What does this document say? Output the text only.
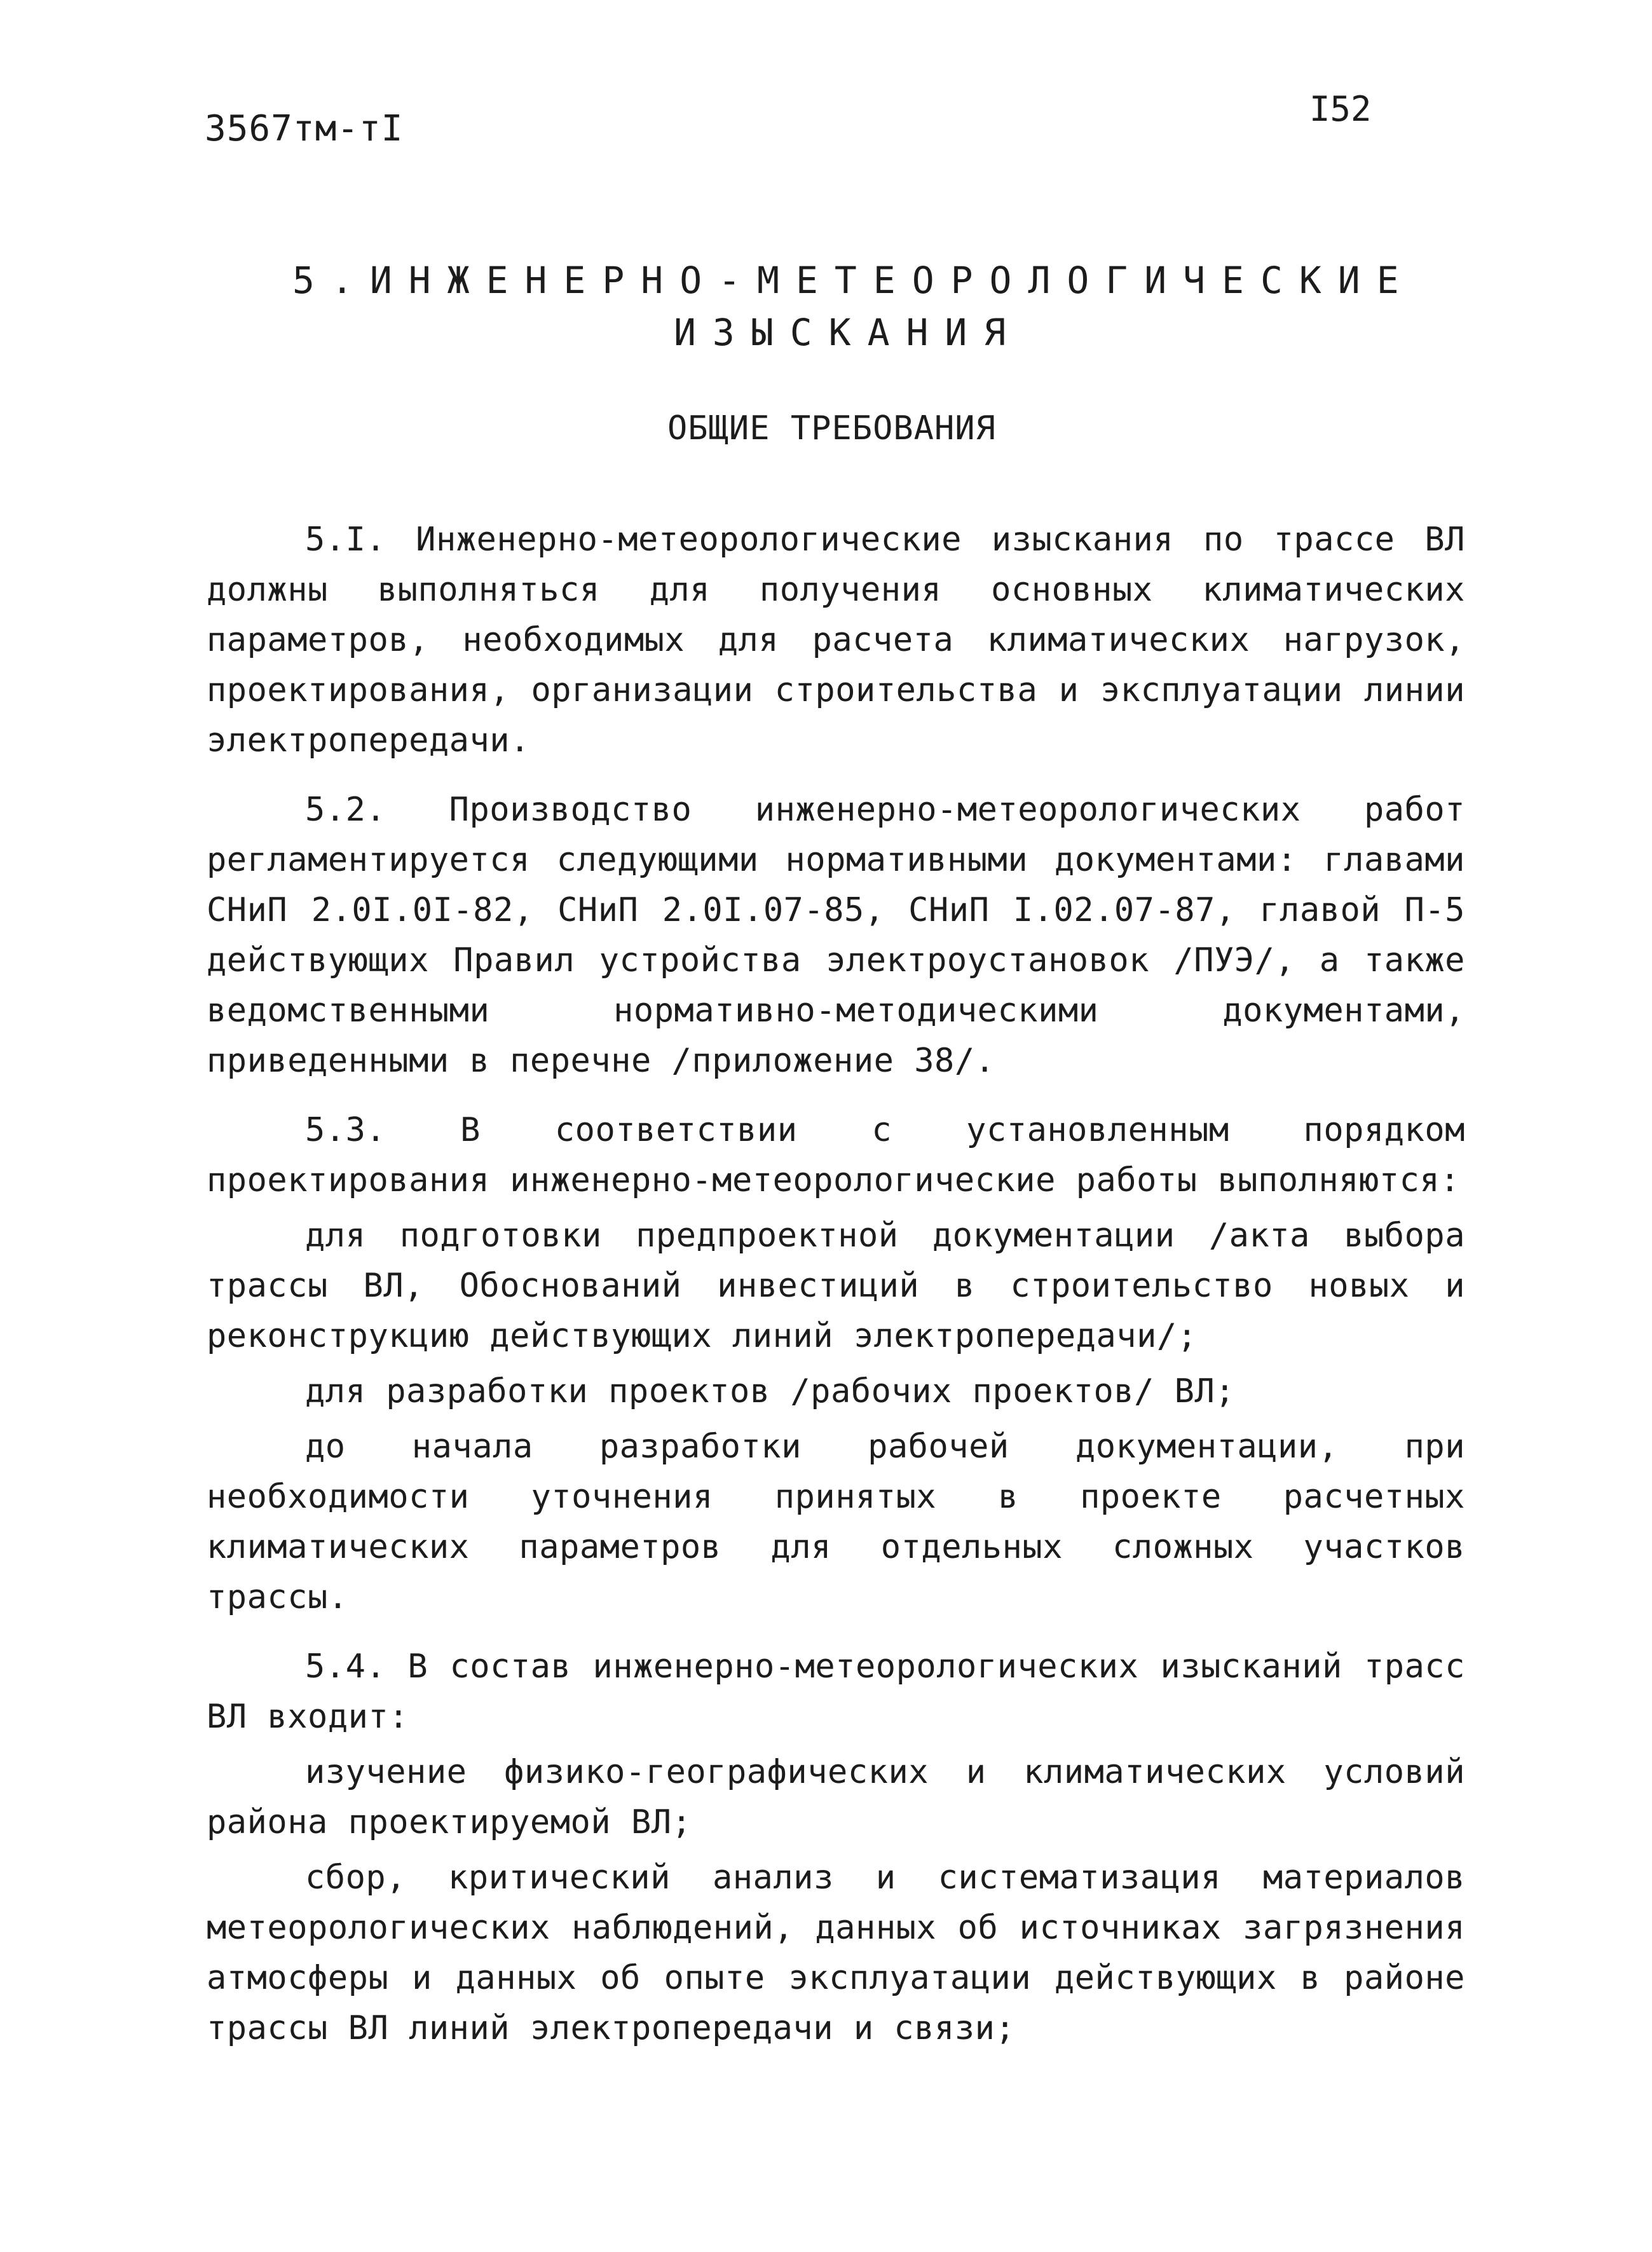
3567тм-тI	I52
5.ИНЖЕНЕРНО-МЕТЕОРОЛОГИЧЕСКИЕ
ИЗЫСКАНИЯ
ОБЩИЕ ТРЕБОВАНИЯ

5.I. Инженерно-метеорологические изыскания по трассе ВЛ должны выполняться для получения основных климатических параметров, необходимых для расчета климатических нагрузок, проектирования, организации строительства и эксплуатации линии электропередачи.

5.2. Производство инженерно-метеорологических работ регламентируется следующими нормативными документами: главами СНиП 2.0I.0I-82, СНиП 2.0I.07-85, СНиП I.02.07-87, главой П-5 действующих Правил устройства электроустановок /ПУЭ/, а также ведомственными нормативно-методическими документами, приведенными в перечне /приложение 38/.

5.3. В соответствии с установленным порядком проектирования инженерно-метеорологические работы выполняются:

для подготовки предпроектной документации /акта выбора трассы ВЛ, Обоснований инвестиций в строительство новых и реконструкцию действующих линий электропередачи/;

для разработки проектов /рабочих проектов/ ВЛ;

до начала разработки рабочей документации, при необходимости уточнения принятых в проекте расчетных климатических параметров для отдельных сложных участков трассы.

5.4. В состав инженерно-метеорологических изысканий трасс ВЛ входит:

изучение физико-географических и климатических условий района проектируемой ВЛ;

сбор, критический анализ и систематизация материалов метеорологических наблюдений, данных об источниках загрязнения атмосферы и данных об опыте эксплуатации действующих в районе трассы ВЛ линий электропередачи и связи;
